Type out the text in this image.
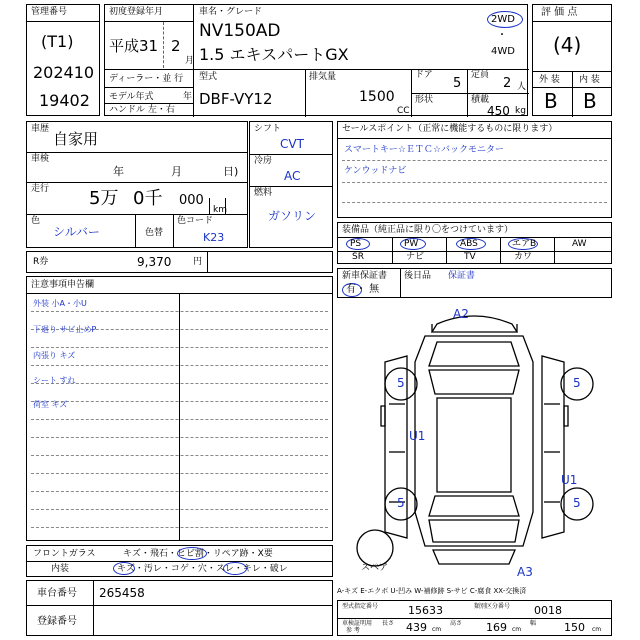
管理番号
(T1)
202410
19402
初度登録年月
平成31 2
月
ディーラー・並 行
モデル年式	年
ハンドル 左・右
車名・グレード
NV150AD
1.5 エキスパートGX
2WD
・
4WD
型式
DBF-VY12
排気量
1500
CC
ドア
5
定員
2 人
形状	積載
450 kg
評 価 点
(4)
外 装 内 装
B B
車歴
自家用
車検
年	月	日)
走行 5万 0千 000
km
色
シルバー	色替
色コード
K23
シフト
CVT
冷房
AC
燃料
ガソリン
セールスポイント（正常に機能するものに限ります）
スマートキー☆ＥＴＣ☆バックモニター
ケンウッドナビ
装備品（純正品に限り〇をつけています）
PS	PW	ABS	エアB	AW
SR	ナビ	TV	カワ
R券	9,370 円
新車保証書
有・ 無
後日品 保証書
注意事項申告欄
外装 小A・小U
下廻り サビ止めP
内張り キズ
シート すれ
荷室 キズ
A2
A3
U1
U1
5	5
5	5
スペア
フロントガラス	キズ・飛石・ヒビ割・リペア跡・X要
内装	キズ・汚レ・コゲ・穴・スレ・キレ・破レ
車台番号 265458
登録番号
A-キズ E-エクボ U-凹み W-補修跡 S-サビ C-腐食 XX-交換済
型式指定番号	15633	類別区分番号 0018
車検証明用
参 考
長さ 439 cm
高さ 169 cm
幅	150 cm
